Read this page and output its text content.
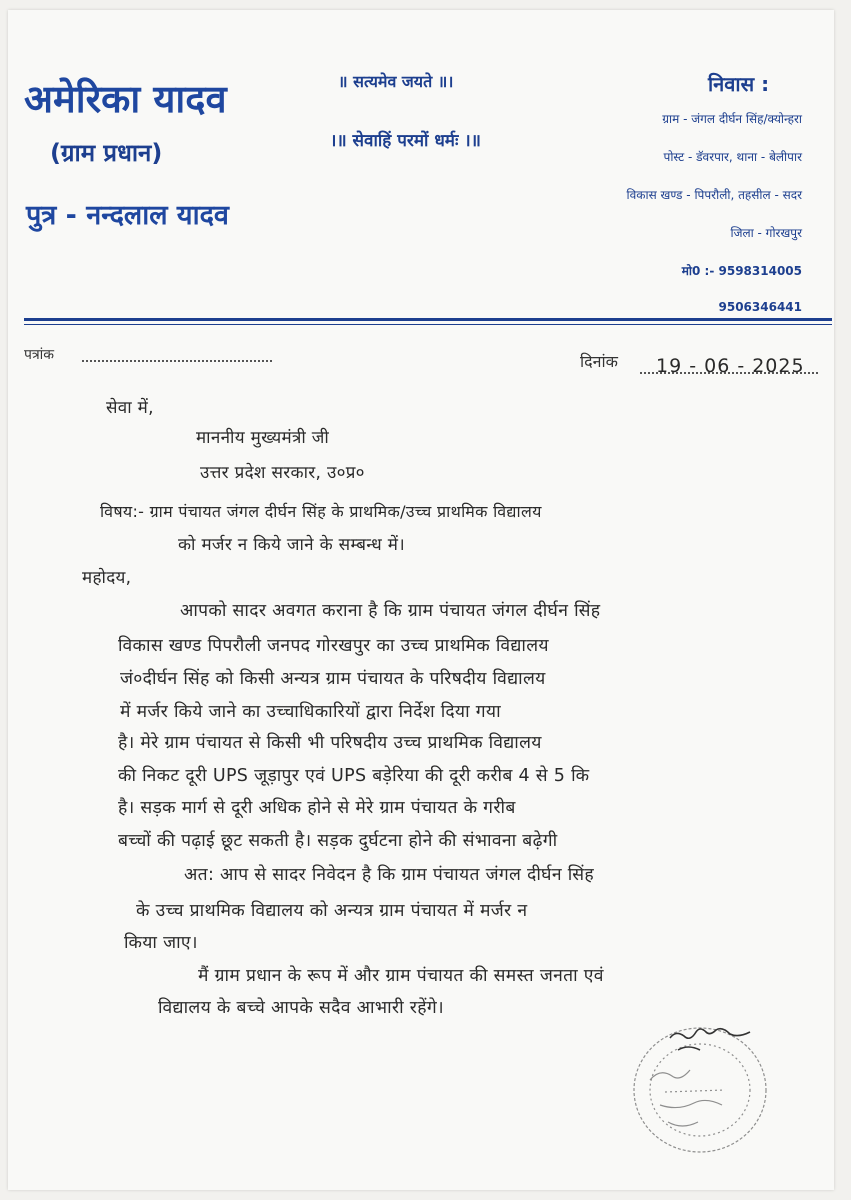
अमेरिका यादव
(ग्राम प्रधान)
पुत्र - नन्दलाल यादव
॥ सत्यमेव जयते ॥।
।॥ सेवाहिं परमों धर्मः ।॥
निवास :
ग्राम - जंगल दीर्घन सिंह/क्योन्हरा
पोस्ट - डॅवरपार, थाना - बेलीपार
विकास खण्ड - पिपरौली, तहसील - सदर
जिला - गोरखपुर
मो0 :- 9598314005
9506346441
पत्रांक	दिनांक 19 - 06 - 2025
सेवा में,
माननीय मुख्यमंत्री जी
उत्तर प्रदेश सरकार, उ०प्र०
विषय:- ग्राम पंचायत जंगल दीर्घन सिंह के प्राथमिक/उच्च प्राथमिक विद्यालय
को मर्जर न किये जाने के सम्बन्ध में।
महोदय,
आपको सादर अवगत कराना है कि ग्राम पंचायत जंगल दीर्घन सिंह
विकास खण्ड पिपरौली जनपद गोरखपुर का उच्च प्राथमिक विद्यालय
जं०दीर्घन सिंह को किसी अन्यत्र ग्राम पंचायत के परिषदीय विद्यालय
में मर्जर किये जाने का उच्चाधिकारियों द्वारा निर्देश दिया गया
है। मेरे ग्राम पंचायत से किसी भी परिषदीय उच्च प्राथमिक विद्यालय
की निकट दूरी UPS जूड़ापुर एवं UPS बड़ेरिया की दूरी करीब 4 से 5 कि
है। सड़क मार्ग से दूरी अधिक होने से मेरे ग्राम पंचायत के गरीब
बच्चों की पढ़ाई छूट सकती है। सड़क दुर्घटना होने की संभावना बढ़ेगी
अत: आप से सादर निवेदन है कि ग्राम पंचायत जंगल दीर्घन सिंह
के उच्च प्राथमिक विद्यालय को अन्यत्र ग्राम पंचायत में मर्जर न
किया जाए।
मैं ग्राम प्रधान के रूप में और ग्राम पंचायत की समस्त जनता एवं
विद्यालय के बच्चे आपके सदैव आभारी रहेंगे।
